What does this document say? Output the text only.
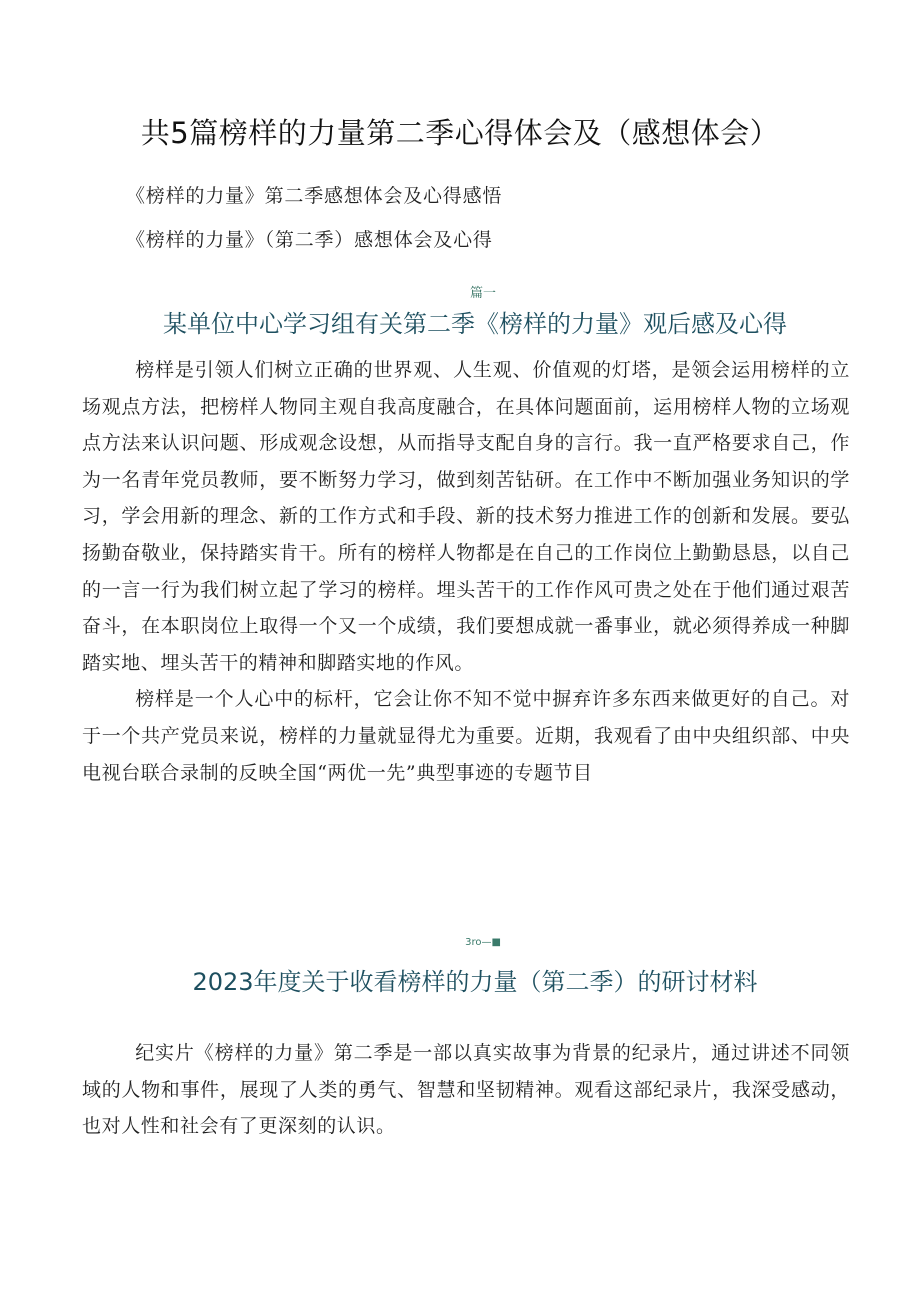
共5篇榜样的力量第二季心得体会及（感想体会）
《榜样的力量》第二季感想体会及心得感悟
《榜样的力量》（第二季）感想体会及心得
篇一
某单位中心学习组有关第二季《榜样的力量》观后感及心得

榜样是引领人们树立正确的世界观、人生观、价值观的灯塔，是领会运用榜样的立场观点方法，把榜样人物同主观自我高度融合，在具体问题面前，运用榜样人物的立场观点方法来认识问题、形成观念设想，从而指导支配自身的言行。我一直严格要求自己，作为一名青年党员教师，要不断努力学习，做到刻苦钻研。在工作中不断加强业务知识的学习，学会用新的理念、新的工作方式和手段、新的技术努力推进工作的创新和发展。要弘扬勤奋敬业，保持踏实肯干。所有的榜样人物都是在自己的工作岗位上勤勤恳恳，以自己的一言一行为我们树立起了学习的榜样。埋头苦干的工作作风可贵之处在于他们通过艰苦奋斗，在本职岗位上取得一个又一个成绩，我们要想成就一番事业，就必须得养成一种脚踏实地、埋头苦干的精神和脚踏实地的作风。

榜样是一个人心中的标杆，它会让你不知不觉中摒弃许多东西来做更好的自己。对于一个共产党员来说，榜样的力量就显得尤为重要。近期，我观看了由中央组织部、中央电视台联合录制的反映全国“两优一先”典型事迹的专题节目

3ro—■
2023年度关于收看榜样的力量（第二季）的研讨材料

纪实片《榜样的力量》第二季是一部以真实故事为背景的纪录片，通过讲述不同领域的人物和事件，展现了人类的勇气、智慧和坚韧精神。观看这部纪录片，我深受感动，也对人性和社会有了更深刻的认识。
